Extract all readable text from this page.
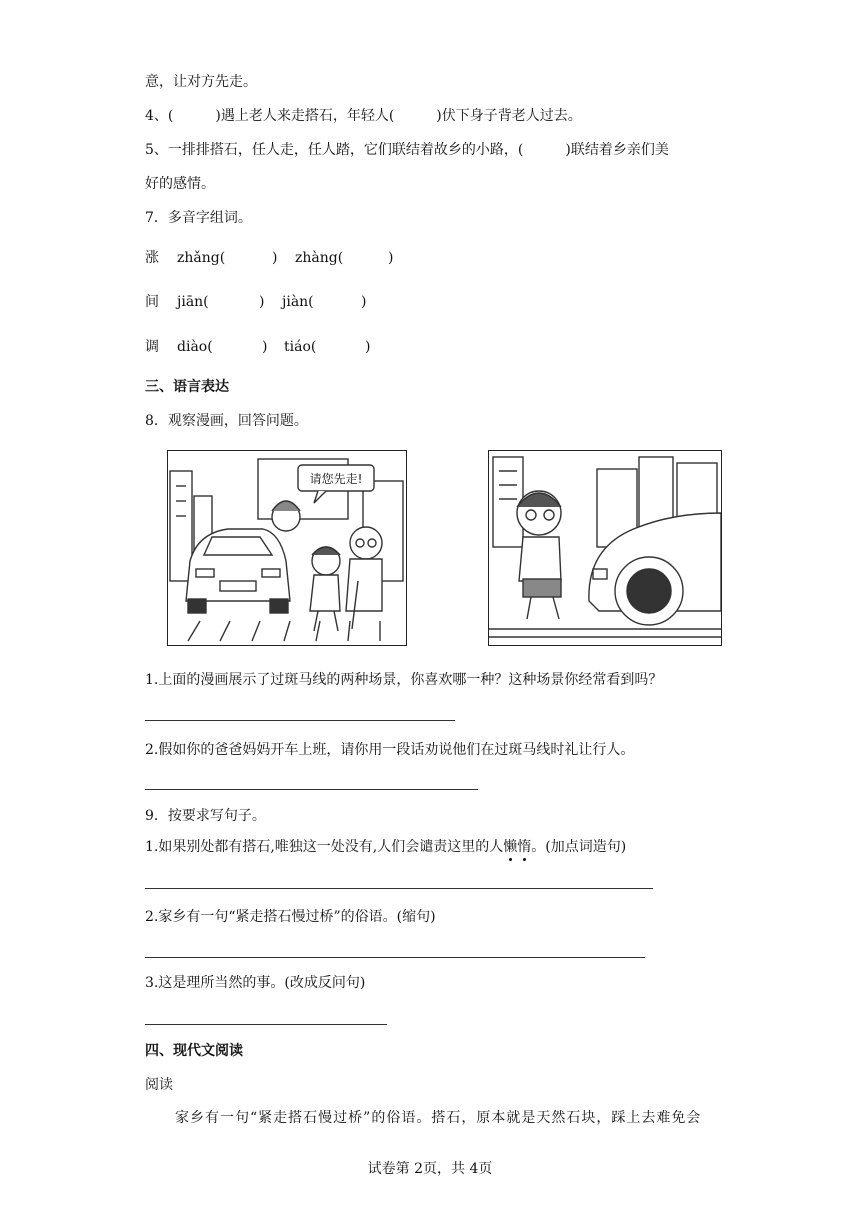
意，让对方先走。
4、(　　　)遇上老人来走搭石，年轻人(　　　)伏下身子背老人过去。
5、一排排搭石，任人走，任人踏，它们联结着故乡的小路，(　　　)联结着乡亲们美
好的感情。
7．多音字组词。
涨 zhǎng(	) zhàng(	)
间 jiān(	) jiàn(	)
调 diào(	) tiáo(	)
三、语言表达
8．观察漫画，回答问题。
请您先走!
1.上面的漫画展示了过斑马线的两种场景，你喜欢哪一种？这种场景你经常看到吗？
2.假如你的爸爸妈妈开车上班，请你用一段话劝说他们在过斑马线时礼让行人。
9．按要求写句子。
1.如果别处都有搭石,唯独这一处没有,人们会谴责这里的人懒惰。(加点词造句)
2.家乡有一句“紧走搭石慢过桥”的俗语。(缩句)
3.这是理所当然的事。(改成反问句)
四、现代文阅读
阅读
家乡有一句“紧走搭石慢过桥”的俗语。搭石，原本就是天然石块，踩上去难免会
试卷第 2页，共 4页
